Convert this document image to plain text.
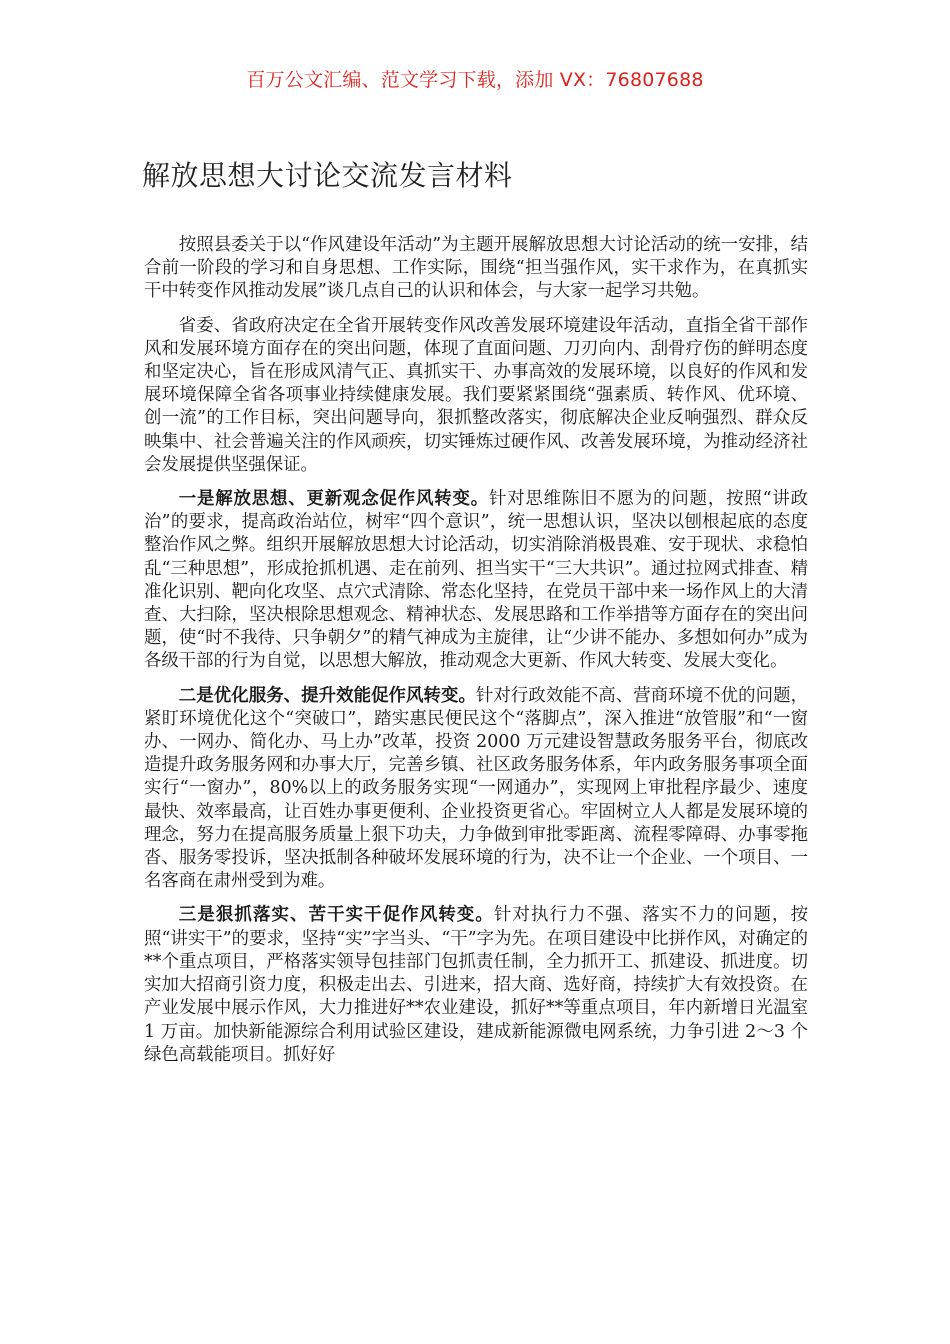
百万公文汇编、范文学习下载，添加 VX：76807688
解放思想大讨论交流发言材料

按照县委关于以“作风建设年活动”为主题开展解放思想大讨论活动的统一安排，结合前一阶段的学习和自身思想、工作实际，围绕“担当强作风，实干求作为，在真抓实干中转变作风推动发展”谈几点自己的认识和体会，与大家一起学习共勉。

省委、省政府决定在全省开展转变作风改善发展环境建设年活动，直指全省干部作风和发展环境方面存在的突出问题，体现了直面问题、刀刃向内、刮骨疗伤的鲜明态度和坚定决心，旨在形成风清气正、真抓实干、办事高效的发展环境，以良好的作风和发展环境保障全省各项事业持续健康发展。我们要紧紧围绕“强素质、转作风、优环境、创一流”的工作目标，突出问题导向，狠抓整改落实，彻底解决企业反响强烈、群众反映集中、社会普遍关注的作风顽疾，切实锤炼过硬作风、改善发展环境，为推动经济社会发展提供坚强保证。

一是解放思想、更新观念促作风转变。针对思维陈旧不愿为的问题，按照“讲政治”的要求，提高政治站位，树牢“四个意识”，统一思想认识，坚决以刨根起底的态度整治作风之弊。组织开展解放思想大讨论活动，切实消除消极畏难、安于现状、求稳怕乱“三种思想”，形成抢抓机遇、走在前列、担当实干“三大共识”。通过拉网式排查、精准化识别、靶向化攻坚、点穴式清除、常态化坚持，在党员干部中来一场作风上的大清查、大扫除，坚决根除思想观念、精神状态、发展思路和工作举措等方面存在的突出问题，使“时不我待、只争朝夕”的精气神成为主旋律，让“少讲不能办、多想如何办”成为各级干部的行为自觉，以思想大解放，推动观念大更新、作风大转变、发展大变化。

二是优化服务、提升效能促作风转变。针对行政效能不高、营商环境不优的问题，紧盯环境优化这个“突破口”，踏实惠民便民这个“落脚点”，深入推进“放管服”和“一窗办、一网办、简化办、马上办”改革，投资 2000 万元建设智慧政务服务平台，彻底改造提升政务服务网和办事大厅，完善乡镇、社区政务服务体系，年内政务服务事项全面实行“一窗办”，80%以上的政务服务实现“一网通办”，实现网上审批程序最少、速度最快、效率最高，让百姓办事更便利、企业投资更省心。牢固树立人人都是发展环境的理念，努力在提高服务质量上狠下功夫，力争做到审批零距离、流程零障碍、办事零拖沓、服务零投诉，坚决抵制各种破坏发展环境的行为，决不让一个企业、一个项目、一名客商在肃州受到为难。

三是狠抓落实、苦干实干促作风转变。针对执行力不强、落实不力的问题，按照“讲实干”的要求，坚持“实”字当头、“干”字为先。在项目建设中比拼作风，对确定的**个重点项目，严格落实领导包挂部门包抓责任制，全力抓开工、抓建设、抓进度。切实加大招商引资力度，积极走出去、引进来，招大商、选好商，持续扩大有效投资。在产业发展中展示作风，大力推进好**农业建设，抓好**等重点项目，年内新增日光温室 1 万亩。加快新能源综合利用试验区建设，建成新能源微电网系统，力争引进 2～3 个绿色高载能项目。抓好好
